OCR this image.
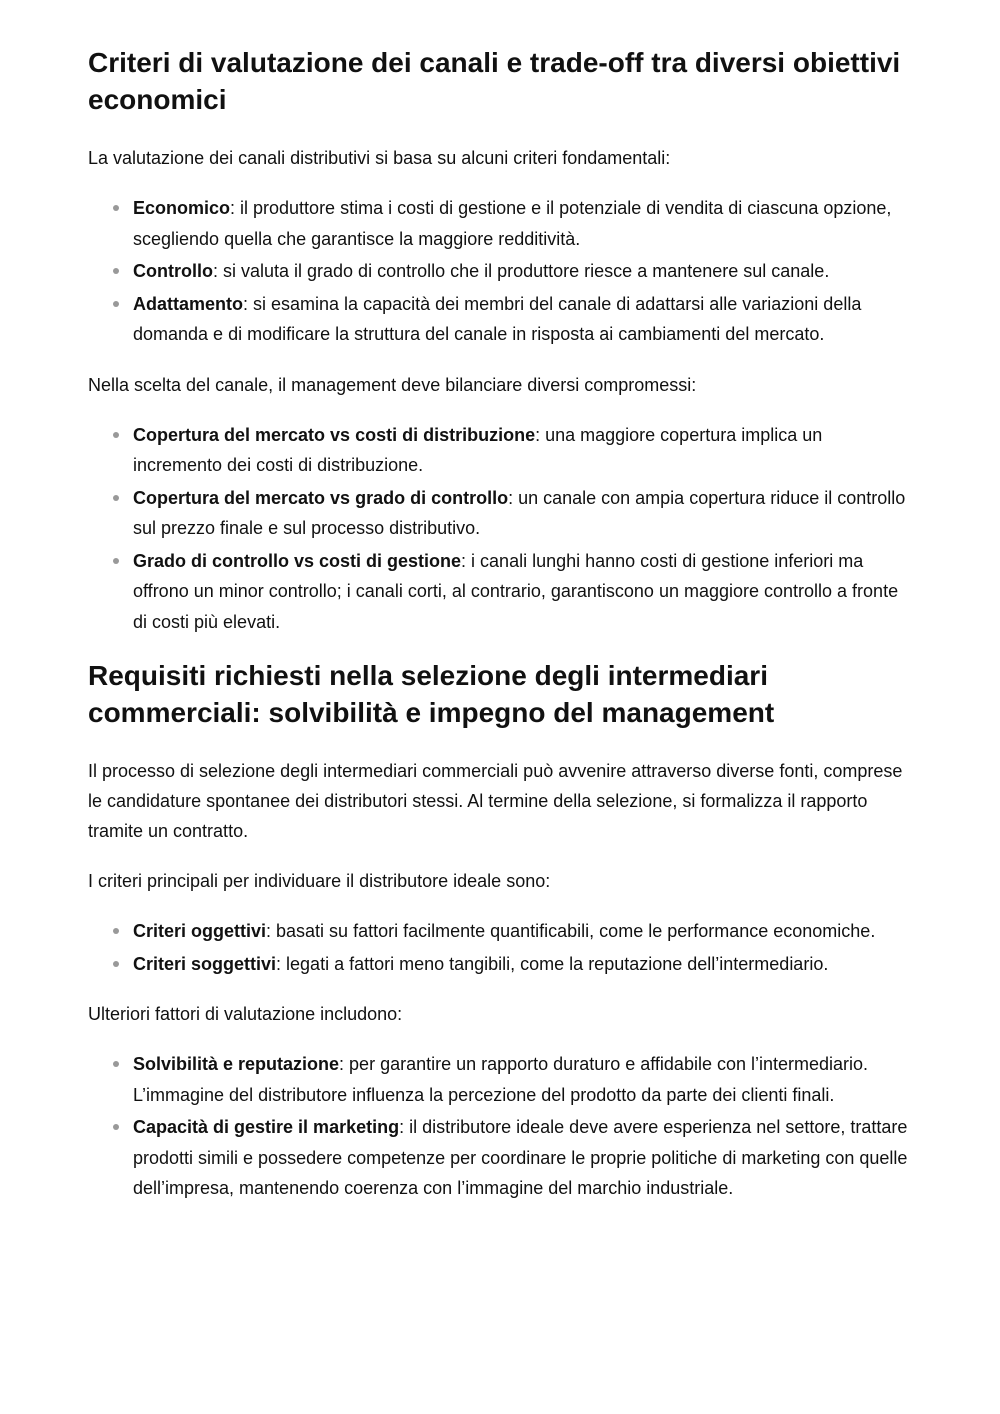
Criteri di valutazione dei canali e trade-off tra diversi obiettivi economici

La valutazione dei canali distributivi si basa su alcuni criteri fondamentali:

Economico: il produttore stima i costi di gestione e il potenziale di vendita di ciascuna opzione, scegliendo quella che garantisce la maggiore redditività.
Controllo: si valuta il grado di controllo che il produttore riesce a mantenere sul canale.
Adattamento: si esamina la capacità dei membri del canale di adattarsi alle variazioni della domanda e di modificare la struttura del canale in risposta ai cambiamenti del mercato.

Nella scelta del canale, il management deve bilanciare diversi compromessi:

Copertura del mercato vs costi di distribuzione: una maggiore copertura implica un incremento dei costi di distribuzione.
Copertura del mercato vs grado di controllo: un canale con ampia copertura riduce il controllo sul prezzo finale e sul processo distributivo.
Grado di controllo vs costi di gestione: i canali lunghi hanno costi di gestione inferiori ma offrono un minor controllo; i canali corti, al contrario, garantiscono un maggiore controllo a fronte di costi più elevati.
Requisiti richiesti nella selezione degli intermediari commerciali: solvibilità e impegno del management

Il processo di selezione degli intermediari commerciali può avvenire attraverso diverse fonti, comprese le candidature spontanee dei distributori stessi. Al termine della selezione, si formalizza il rapporto tramite un contratto.

I criteri principali per individuare il distributore ideale sono:

Criteri oggettivi: basati su fattori facilmente quantificabili, come le performance economiche.
Criteri soggettivi: legati a fattori meno tangibili, come la reputazione dell’intermediario.

Ulteriori fattori di valutazione includono:

Solvibilità e reputazione: per garantire un rapporto duraturo e affidabile con l’intermediario. L’immagine del distributore influenza la percezione del prodotto da parte dei clienti finali.
Capacità di gestire il marketing: il distributore ideale deve avere esperienza nel settore, trattare prodotti simili e possedere competenze per coordinare le proprie politiche di marketing con quelle dell’impresa, mantenendo coerenza con l’immagine del marchio industriale.
